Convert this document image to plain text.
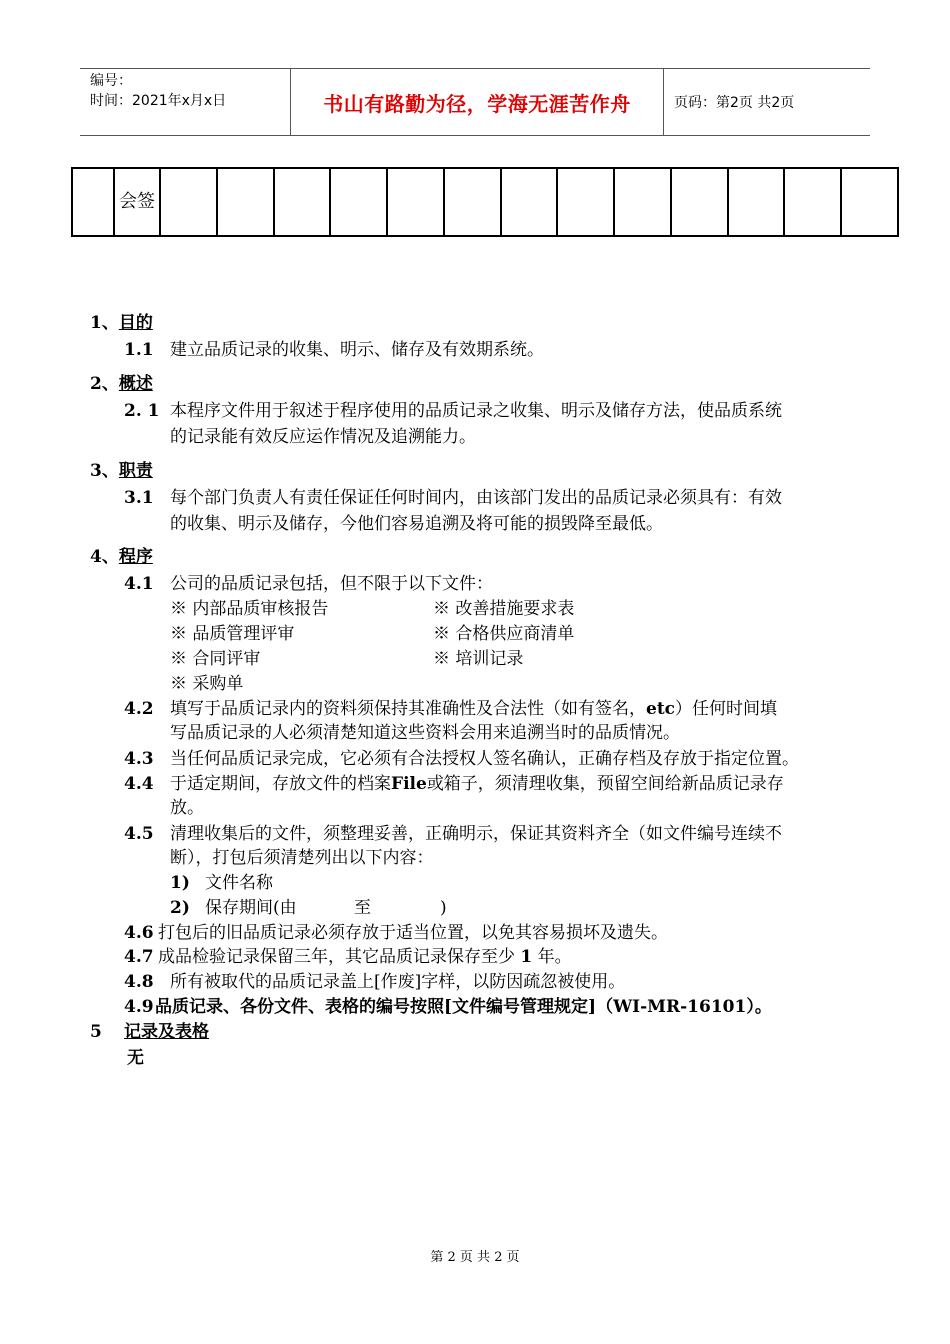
编号：
时间：2021年x月x日	书山有路勤为径，学海无涯苦作舟	页码：第2页 共2页
	会签													
1、目的
1.1 建立品质记录的收集、明示、储存及有效期系统。
2、概述
2. 1 本程序文件用于叙述于程序使用的品质记录之收集、明示及储存方法，使品质系统
的记录能有效反应运作情况及追溯能力。
3、职责
3.1 每个部门负责人有责任保证任何时间内，由该部门发出的品质记录必须具有：有效
的收集、明示及储存，今他们容易追溯及将可能的损毁降至最低。
4、程序
4.1 公司的品质记录包括，但不限于以下文件：
※ 内部品质审核报告	※ 改善措施要求表
※ 品质管理评审	※ 合格供应商清单
※ 合同评审	※ 培训记录
※ 采购单
4.2 填写于品质记录内的资料须保持其准确性及合法性（如有签名，etc）任何时间填
写品质记录的人必须清楚知道这些资料会用来追溯当时的品质情况。
4.3 当任何品质记录完成，它必须有合法授权人签名确认，正确存档及存放于指定位置。
4.4 于适定期间，存放文件的档案File或箱子，须清理收集，预留空间给新品质记录存
放。
4.5 清理收集后的文件，须整理妥善，正确明示，保证其资料齐全（如文件编号连续不
断），打包后须清楚列出以下内容：
1) 文件名称
2) 保存期间(由	至	)
4.6 打包后的旧品质记录必须存放于适当位置，以免其容易损坏及遗失。
4.7 成品检验记录保留三年，其它品质记录保存至少 1 年。
4.8 所有被取代的品质记录盖上[作废]字样，以防因疏忽被使用。
4.9 品质记录、各份文件、表格的编号按照[文件编号管理规定]（WI-MR-16101）。
5 记录及表格
无
第 2 页 共 2 页
